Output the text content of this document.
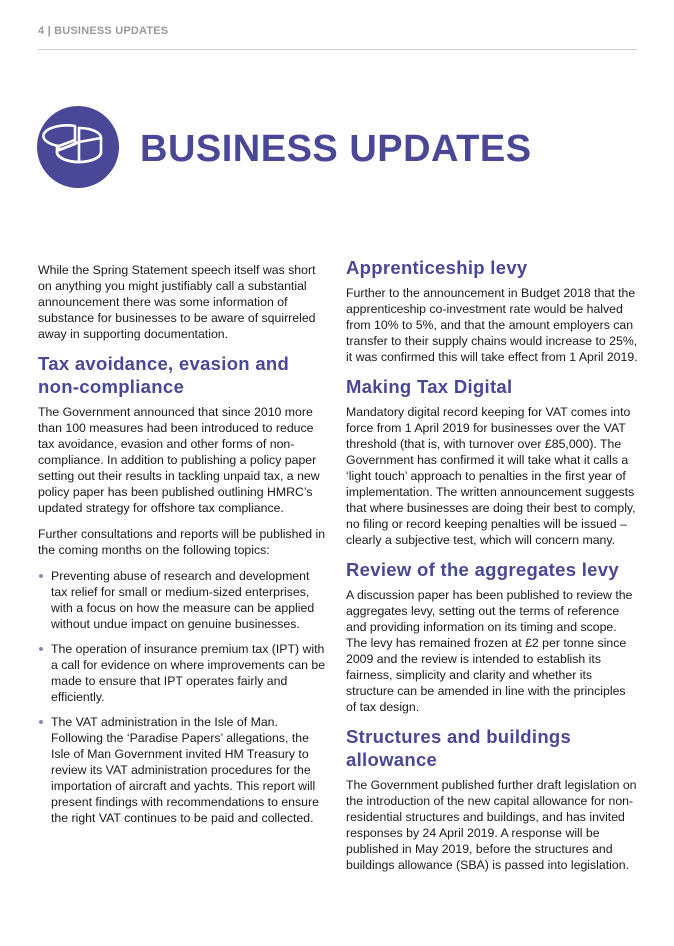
4 | BUSINESS UPDATES
BUSINESS UPDATES

While the Spring Statement speech itself was short on anything you might justifiably call a substantial announcement there was some information of substance for businesses to be aware of squirreled away in supporting documentation.

Tax avoidance, evasion and non-compliance

The Government announced that since 2010 more than 100 measures had been introduced to reduce tax avoidance, evasion and other forms of non-compliance. In addition to publishing a policy paper setting out their results in tackling unpaid tax, a new policy paper has been published outlining HMRC’s updated strategy for offshore tax compliance.

Further consultations and reports will be published in the coming months on the following topics:

Preventing abuse of research and development tax relief for small or medium-sized enterprises, with a focus on how the measure can be applied without undue impact on genuine businesses.
The operation of insurance premium tax (IPT) with a call for evidence on where improvements can be made to ensure that IPT operates fairly and efficiently.
The VAT administration in the Isle of Man. Following the ‘Paradise Papers’ allegations, the Isle of Man Government invited HM Treasury to review its VAT administration procedures for the importation of aircraft and yachts. This report will present findings with recommendations to ensure the right VAT continues to be paid and collected.
Apprenticeship levy

Further to the announcement in Budget 2018 that the apprenticeship co-investment rate would be halved from 10% to 5%, and that the amount employers can transfer to their supply chains would increase to 25%, it was confirmed this will take effect from 1 April 2019.

Making Tax Digital

Mandatory digital record keeping for VAT comes into force from 1 April 2019 for businesses over the VAT threshold (that is, with turnover over £85,000). The Government has confirmed it will take what it calls a ‘light touch’ approach to penalties in the first year of implementation. The written announcement suggests that where businesses are doing their best to comply, no filing or record keeping penalties will be issued – clearly a subjective test, which will concern many.

Review of the aggregates levy

A discussion paper has been published to review the aggregates levy, setting out the terms of reference and providing information on its timing and scope. The levy has remained frozen at £2 per tonne since 2009 and the review is intended to establish its fairness, simplicity and clarity and whether its structure can be amended in line with the principles of tax design.

Structures and buildings allowance

The Government published further draft legislation on the introduction of the new capital allowance for non-residential structures and buildings, and has invited responses by 24 April 2019. A response will be published in May 2019, before the structures and buildings allowance (SBA) is passed into legislation.
